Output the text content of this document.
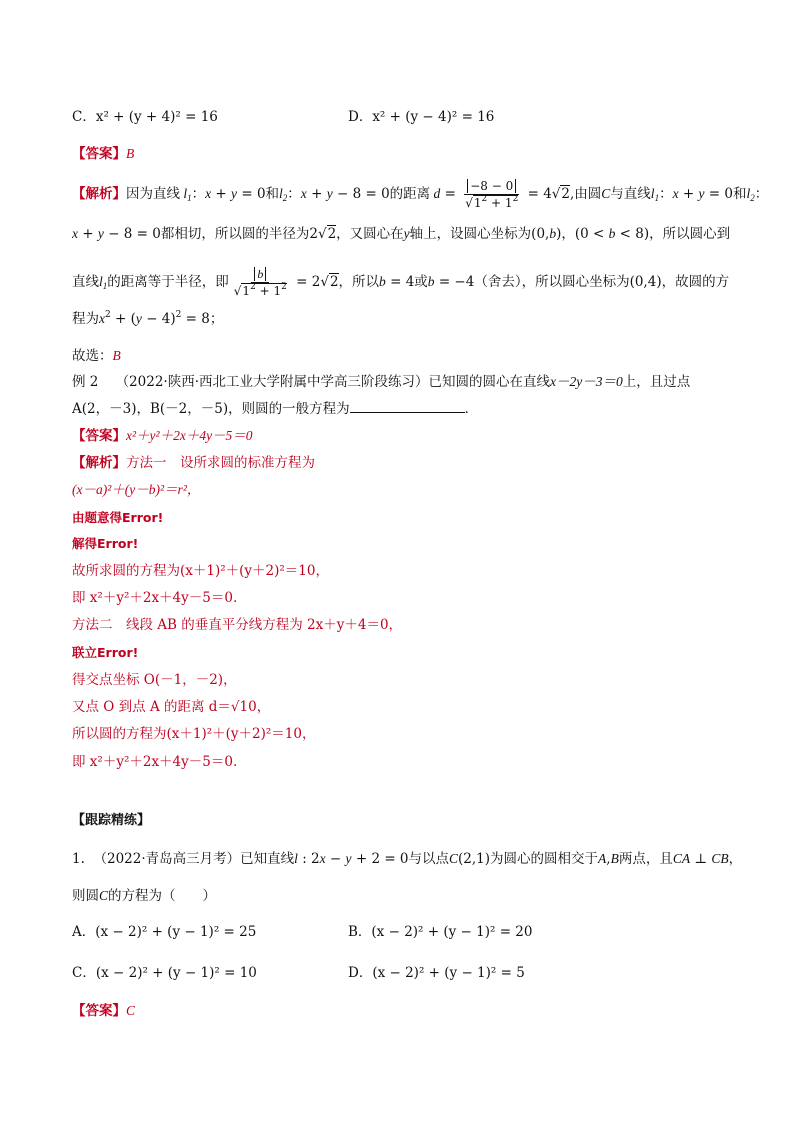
C．x² + (y + 4)² = 16	D．x² + (y − 4)² = 16
【答案】B
【解析】因为直线 $l_1$：x + y = 0和$l_2$：x + y − 8 = 0的距离 $d = \frac{-8 - 0}{√1^2 + 1^2} = 4√2$,由圆C与直线$l_1$：x + y = 0和$l_2$：
x + y − 8 = 0都相切，所以圆的半径为2√2，又圆心在y轴上，设圆心坐标为(0,b)，(0 < b < 8)，所以圆心到
直线$l_1$的距离等于半径，即 $\frac{b}{√1^2 + 1^2} = 2√2$，所以b = 4或b = −4（舍去），所以圆心坐标为(0,4)，故圆的方
程为$x^2 + (y - 4)^2 = 8$；
故选：B
例 2 （2022·陕西·西北工业大学附属中学高三阶段练习）已知圆的圆心在直线x－2y－3＝0上，且过点
A(2，－3)，B(－2，－5)，则圆的一般方程为	．
【答案】x²＋y²＋2x＋4y－5＝0
【解析】方法一　设所求圆的标准方程为
(x－a)²＋(y－b)²＝r²，
由题意得Error!
解得Error!
故所求圆的方程为(x＋1)²＋(y＋2)²＝10，
即 x²＋y²＋2x＋4y－5＝0.
方法二　线段 AB 的垂直平分线方程为 2x＋y＋4＝0，
联立Error!
得交点坐标 O(－1，－2)，
又点 O 到点 A 的距离 d＝√10，
所以圆的方程为(x＋1)²＋(y＋2)²＝10，
即 x²＋y²＋2x＋4y－5＝0.
【跟踪精练】
1. （2022·青岛高三月考）已知直线l : 2x − y + 2 = 0与以点C(2,1)为圆心的圆相交于A,B两点，且CA ⊥ CB，
则圆C的方程为（　　）
A．(x − 2)² + (y − 1)² = 25	B．(x − 2)² + (y − 1)² = 20
C．(x − 2)² + (y − 1)² = 10	D．(x − 2)² + (y − 1)² = 5
【答案】C
